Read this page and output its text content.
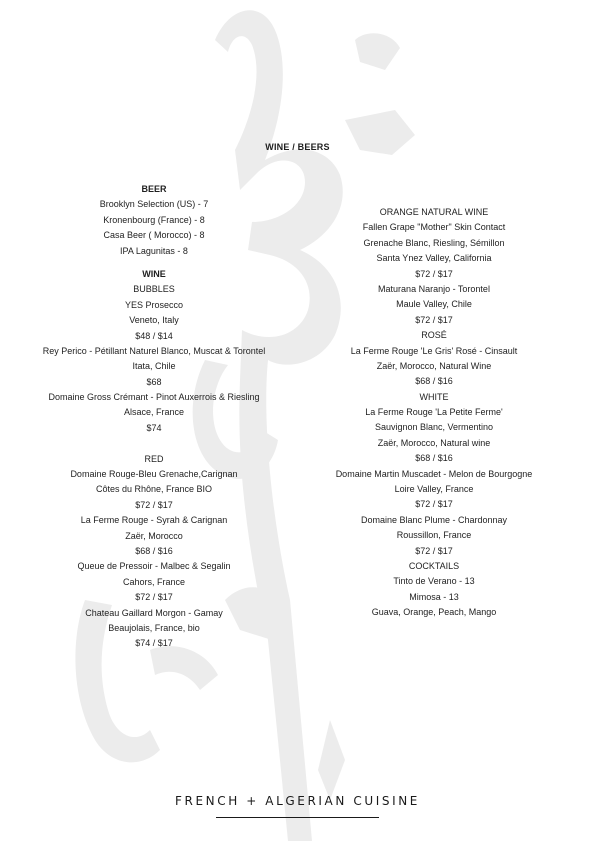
WINE / BEERS
BEER
Brooklyn Selection (US) - 7
Kronenbourg (France) - 8
Casa Beer ( Morocco) - 8
IPA Lagunitas - 8
WINE
BUBBLES
YES Prosecco
Veneto, Italy
$48 / $14
Rey Perico - Pétillant Naturel Blanco, Muscat & Torontel
Itata, Chile
$68
Domaine Gross Crémant - Pinot Auxerrois & Riesling
Alsace, France
$74
RED
Domaine Rouge-Bleu Grenache,Carignan
Côtes du Rhône, France BIO
$72 / $17
La Ferme Rouge - Syrah & Carignan
Zaër, Morocco
$68 / $16
Queue de Pressoir - Malbec & Segalin
Cahors, France
$72 / $17
Chateau Gaillard Morgon - Gamay
Beaujolais, France, bio
$74 / $17
ORANGE NATURAL WINE
Fallen Grape "Mother" Skin Contact
Grenache Blanc, Riesling, Sémillon
Santa Ynez Valley, California
$72 / $17
Maturana Naranjo - Torontel
Maule Valley, Chile
$72 / $17
ROSÉ
La Ferme Rouge 'Le Gris' Rosé - Cinsault
Zaër, Morocco, Natural Wine
$68 / $16
WHITE
La Ferme Rouge 'La Petite Ferme'
Sauvignon Blanc, Vermentino
Zaër, Morocco, Natural wine
$68 / $16
Domaine Martin Muscadet - Melon de Bourgogne
Loire Valley, France
$72 / $17
Domaine Blanc Plume - Chardonnay
Roussillon, France
$72 / $17
COCKTAILS
Tinto de Verano - 13
Mimosa - 13
Guava, Orange, Peach, Mango
FRENCH + ALGERIAN CUISINE
